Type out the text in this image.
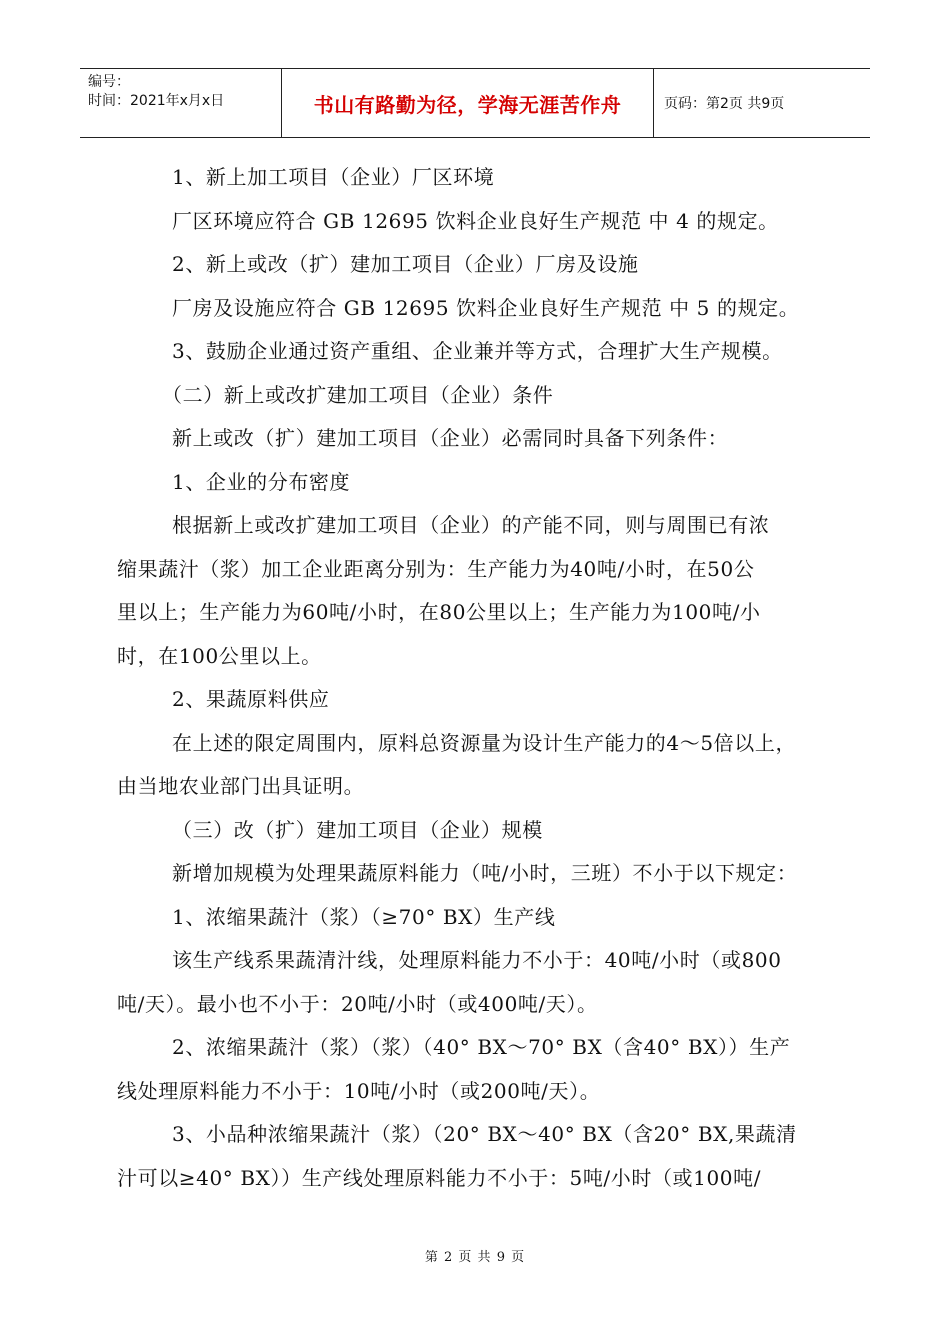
编号：
时间：2021年x月x日	书山有路勤为径，学海无涯苦作舟	页码：第2页 共9页

1、新上加工项目（企业）厂区环境

厂区环境应符合 GB 12695 饮料企业良好生产规范 中 4 的规定。

2、新上或改（扩）建加工项目（企业）厂房及设施

厂房及设施应符合 GB 12695 饮料企业良好生产规范 中 5 的规定。

3、鼓励企业通过资产重组、企业兼并等方式，合理扩大生产规模。

（二）新上或改扩建加工项目（企业）条件

新上或改（扩）建加工项目（企业）必需同时具备下列条件：

1、企业的分布密度

根据新上或改扩建加工项目（企业）的产能不同，则与周围已有浓

缩果蔬汁（浆）加工企业距离分别为：生产能力为40吨/小时，在50公

里以上；生产能力为60吨/小时，在80公里以上；生产能力为100吨/小

时，在100公里以上。

2、果蔬原料供应

在上述的限定周围内，原料总资源量为设计生产能力的4～5倍以上，

由当地农业部门出具证明。

（三）改（扩）建加工项目（企业）规模

新增加规模为处理果蔬原料能力（吨/小时，三班）不小于以下规定：

1、浓缩果蔬汁（浆）（≥70° BX）生产线

该生产线系果蔬清汁线，处理原料能力不小于：40吨/小时（或800

吨/天）。最小也不小于：20吨/小时（或400吨/天）。

2、浓缩果蔬汁（浆）（浆）（40° BX～70° BX（含40° BX））生产

线处理原料能力不小于：10吨/小时（或200吨/天）。

3、小品种浓缩果蔬汁（浆）（20° BX～40° BX（含20° BX,果蔬清

汁可以≥40° BX））生产线处理原料能力不小于：5吨/小时（或100吨/

第 2 页 共 9 页
